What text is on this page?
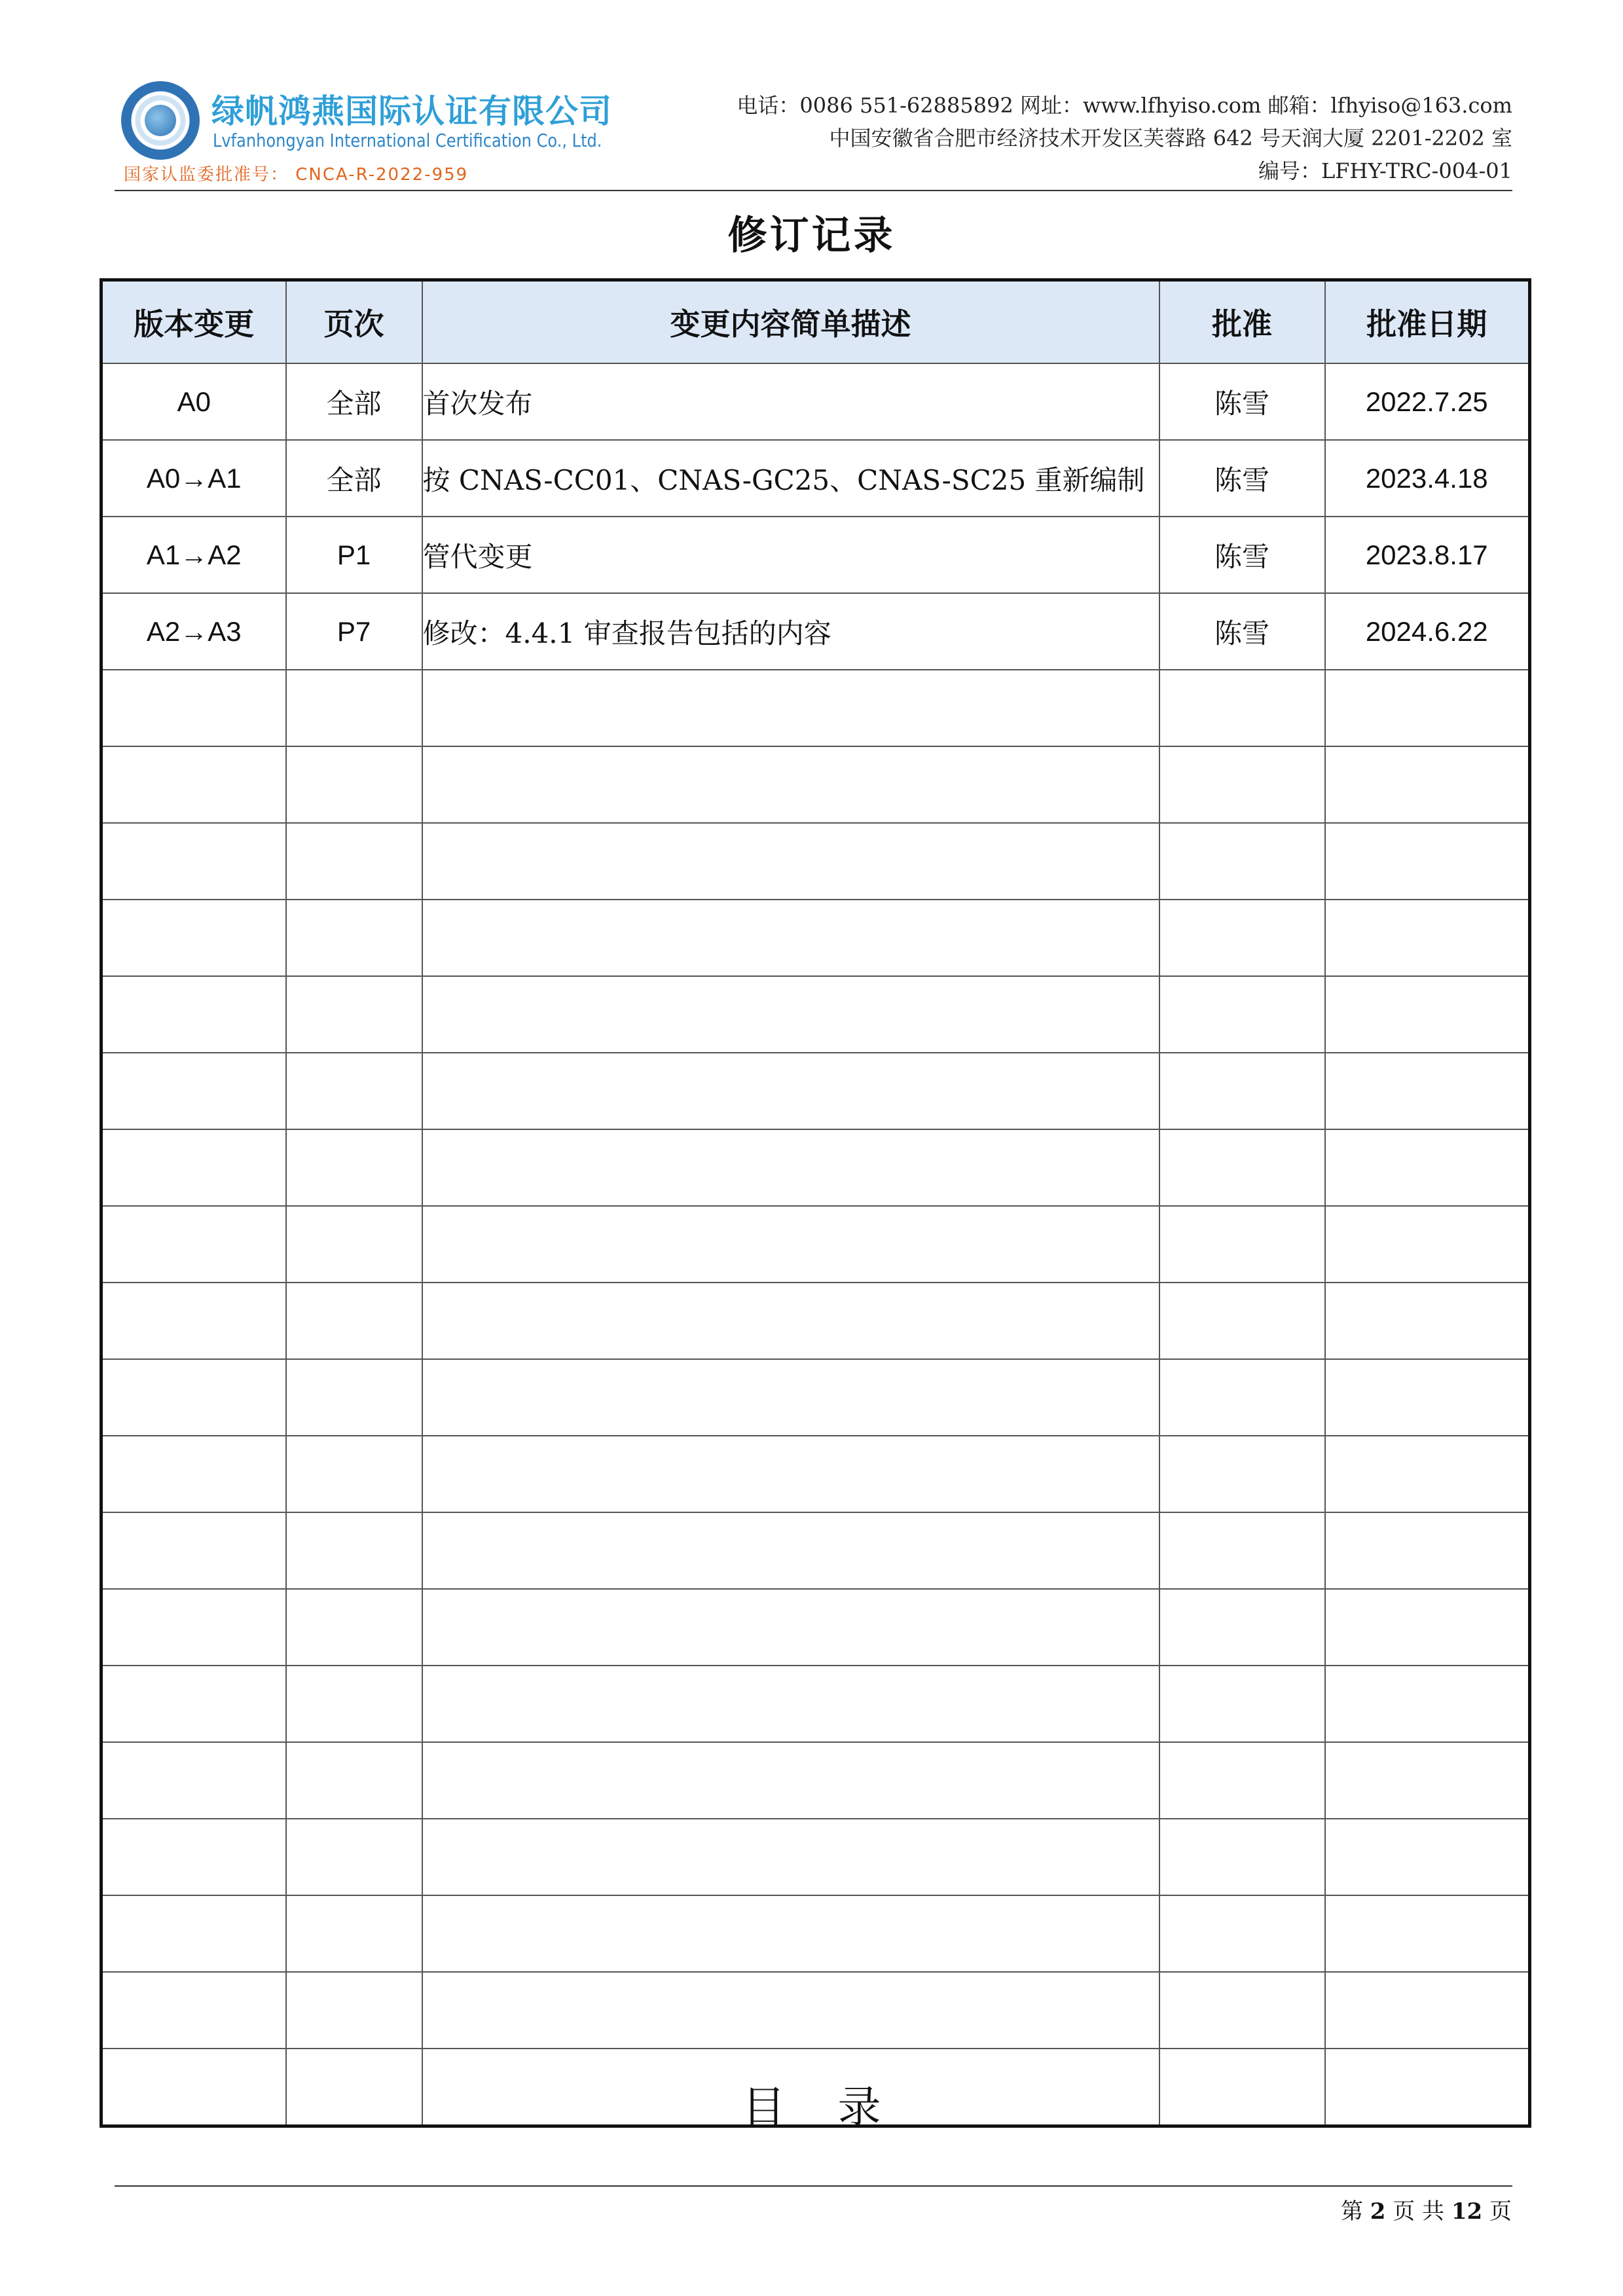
绿帆鸿燕国际认证有限公司
Lvfanhongyan International Certification Co., Ltd.
国家认监委批准号： CNCA-R-2022-959
电话：0086 551-62885892 网址：www.lfhyiso.com 邮箱：lfhyiso@163.com
中国安徽省合肥市经济技术开发区芙蓉路 642 号天润大厦 2201-2202 室
编号：LFHY-TRC-004-01
修订记录
版本变更	页次	变更内容简单描述	批准	批准日期
A0	全部	首次发布	陈雪	2022.7.25
A0→A1	全部	按 CNAS-CC01、CNAS-GC25、CNAS-SC25 重新编制	陈雪	2023.4.18
A1→A2	P1	管代变更	陈雪	2023.8.17
A2→A3	P7	修改：4.4.1 审查报告包括的内容	陈雪	2024.6.22

目录
第 2 页 共 12 页
